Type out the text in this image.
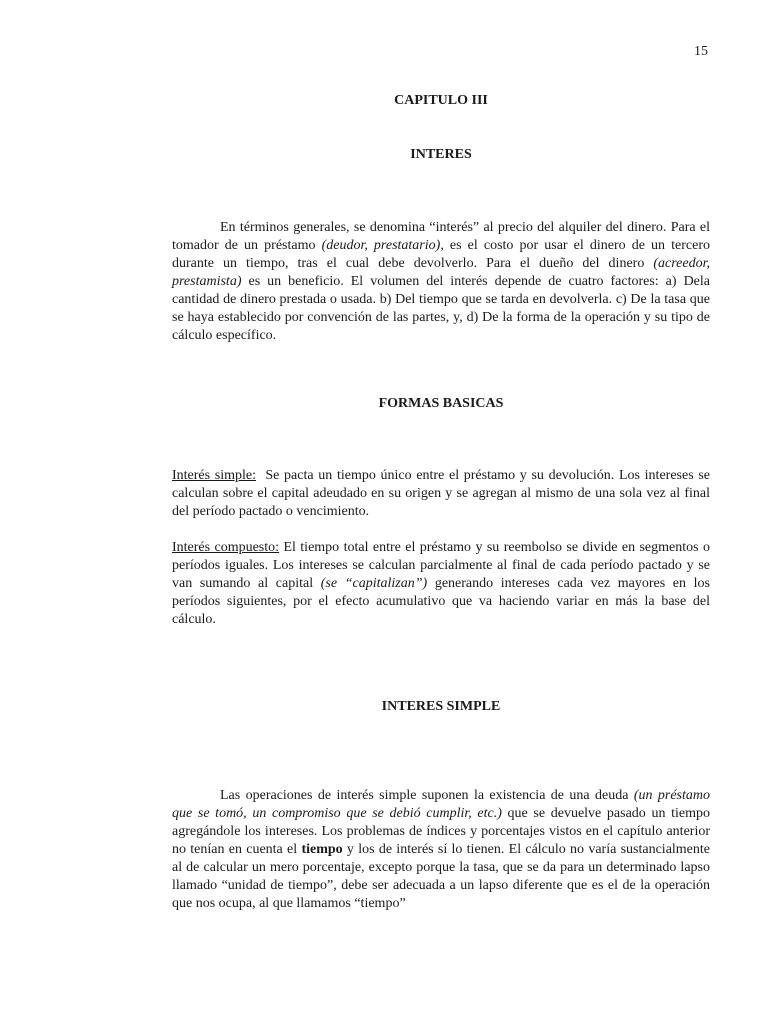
15
CAPITULO III
INTERES

En términos generales, se denomina “interés” al precio del alquiler del dinero. Para el tomador de un préstamo (deudor, prestatario), es el costo por usar el dinero de un tercero durante un tiempo, tras el cual debe devolverlo. Para el dueño del dinero (acreedor, prestamista) es un beneficio. El volumen del interés depende de cuatro factores: a) Dela cantidad de dinero prestada o usada. b) Del tiempo que se tarda en devolverla. c) De la tasa que se haya establecido por convención de las partes, y, d) De la forma de la operación y su tipo de cálculo específico.

FORMAS BASICAS

Interés simple:  Se pacta un tiempo único entre el préstamo y su devolución. Los intereses se calculan sobre el capital adeudado en su origen y se agregan al mismo de una sola vez al final del período pactado o vencimiento.

Interés compuesto: El tiempo total entre el préstamo y su reembolso se divide en segmentos o períodos iguales. Los intereses se calculan parcialmente al final de cada período pactado y se van sumando al capital (se “capitalizan”) generando intereses cada vez mayores en los períodos siguientes, por el efecto acumulativo que va haciendo variar en más la base del cálculo.

INTERES SIMPLE

Las operaciones de interés simple suponen la existencia de una deuda (un préstamo que se tomó, un compromiso que se debió cumplir, etc.) que se devuelve pasado un tiempo agregándole los intereses. Los problemas de índices y porcentajes vistos en el capítulo anterior no tenían en cuenta el tiempo y los de interés sí lo tienen. El cálculo no varía sustancialmente al de calcular un mero porcentaje, excepto porque la tasa, que se da para un determinado lapso llamado “unidad de tiempo”, debe ser adecuada a un lapso diferente que es el de la operación que nos ocupa, al que llamamos “tiempo”
